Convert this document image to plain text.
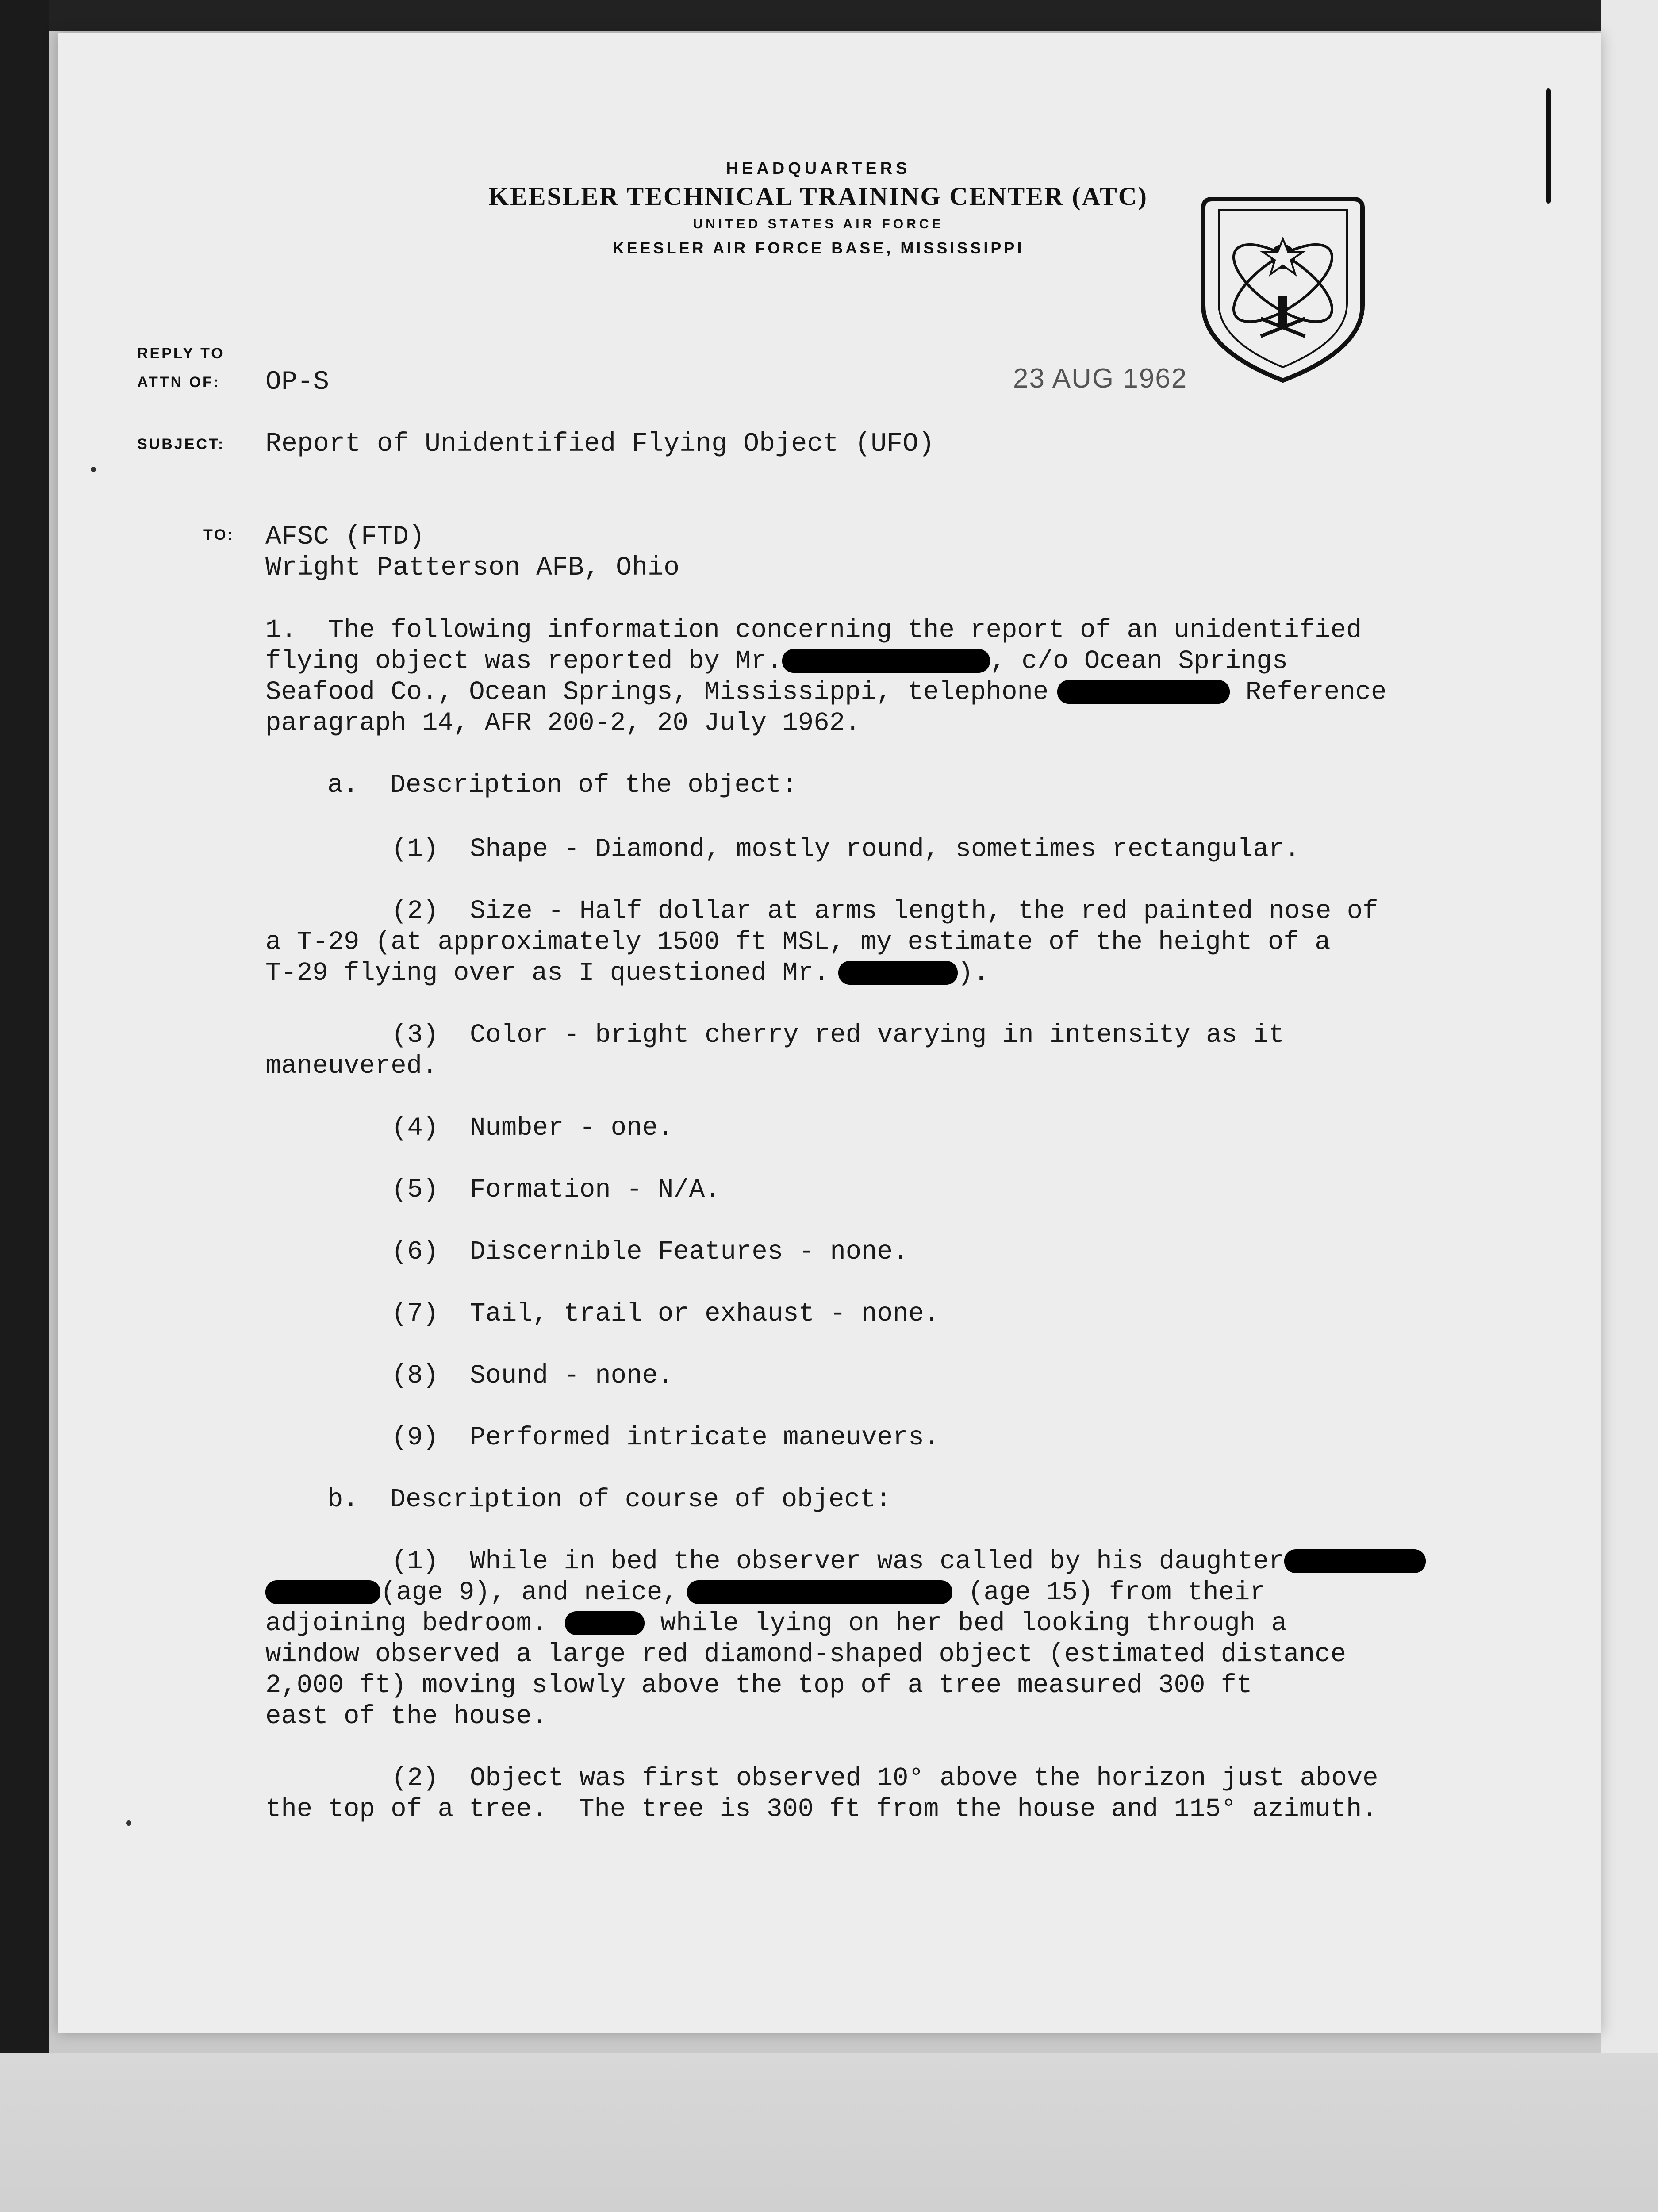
HEADQUARTERS
KEESLER TECHNICAL TRAINING CENTER (ATC)
UNITED STATES AIR FORCE
KEESLER AIR FORCE BASE, MISSISSIPPI
REPLY TO
ATTN OF: OP-S	23 AUG 1962
SUBJECT: Report of Unidentified Flying Object (UFO)
TO: AFSC (FTD)
Wright Patterson AFB, Ohio
1.  The following information concerning the report of an unidentified
flying object was reported by Mr.	, c/o Ocean Springs
Seafood Co., Ocean Springs, Mississippi, telephone	Reference
paragraph 14, AFR 200-2, 20 July 1962.
a.  Description of the object:
(1)  Shape - Diamond, mostly round, sometimes rectangular.
(2)  Size - Half dollar at arms length, the red painted nose of
a T-29 (at approximately 1500 ft MSL, my estimate of the height of a
T-29 flying over as I questioned Mr.	).
(3)  Color - bright cherry red varying in intensity as it
maneuvered.
(4)  Number - one.
(5)  Formation - N/A.
(6)  Discernible Features - none.
(7)  Tail, trail or exhaust - none.
(8)  Sound - none.
(9)  Performed intricate maneuvers.
b.  Description of course of object:
(1)  While in bed the observer was called by his daughter
(age 9), and neice,	(age 15) from their
adjoining bedroom.	while lying on her bed looking through a
window observed a large red diamond-shaped object (estimated distance
2,000 ft) moving slowly above the top of a tree measured 300 ft
east of the house.
(2)  Object was first observed 10° above the horizon just above
the top of a tree.  The tree is 300 ft from the house and 115° azimuth.
